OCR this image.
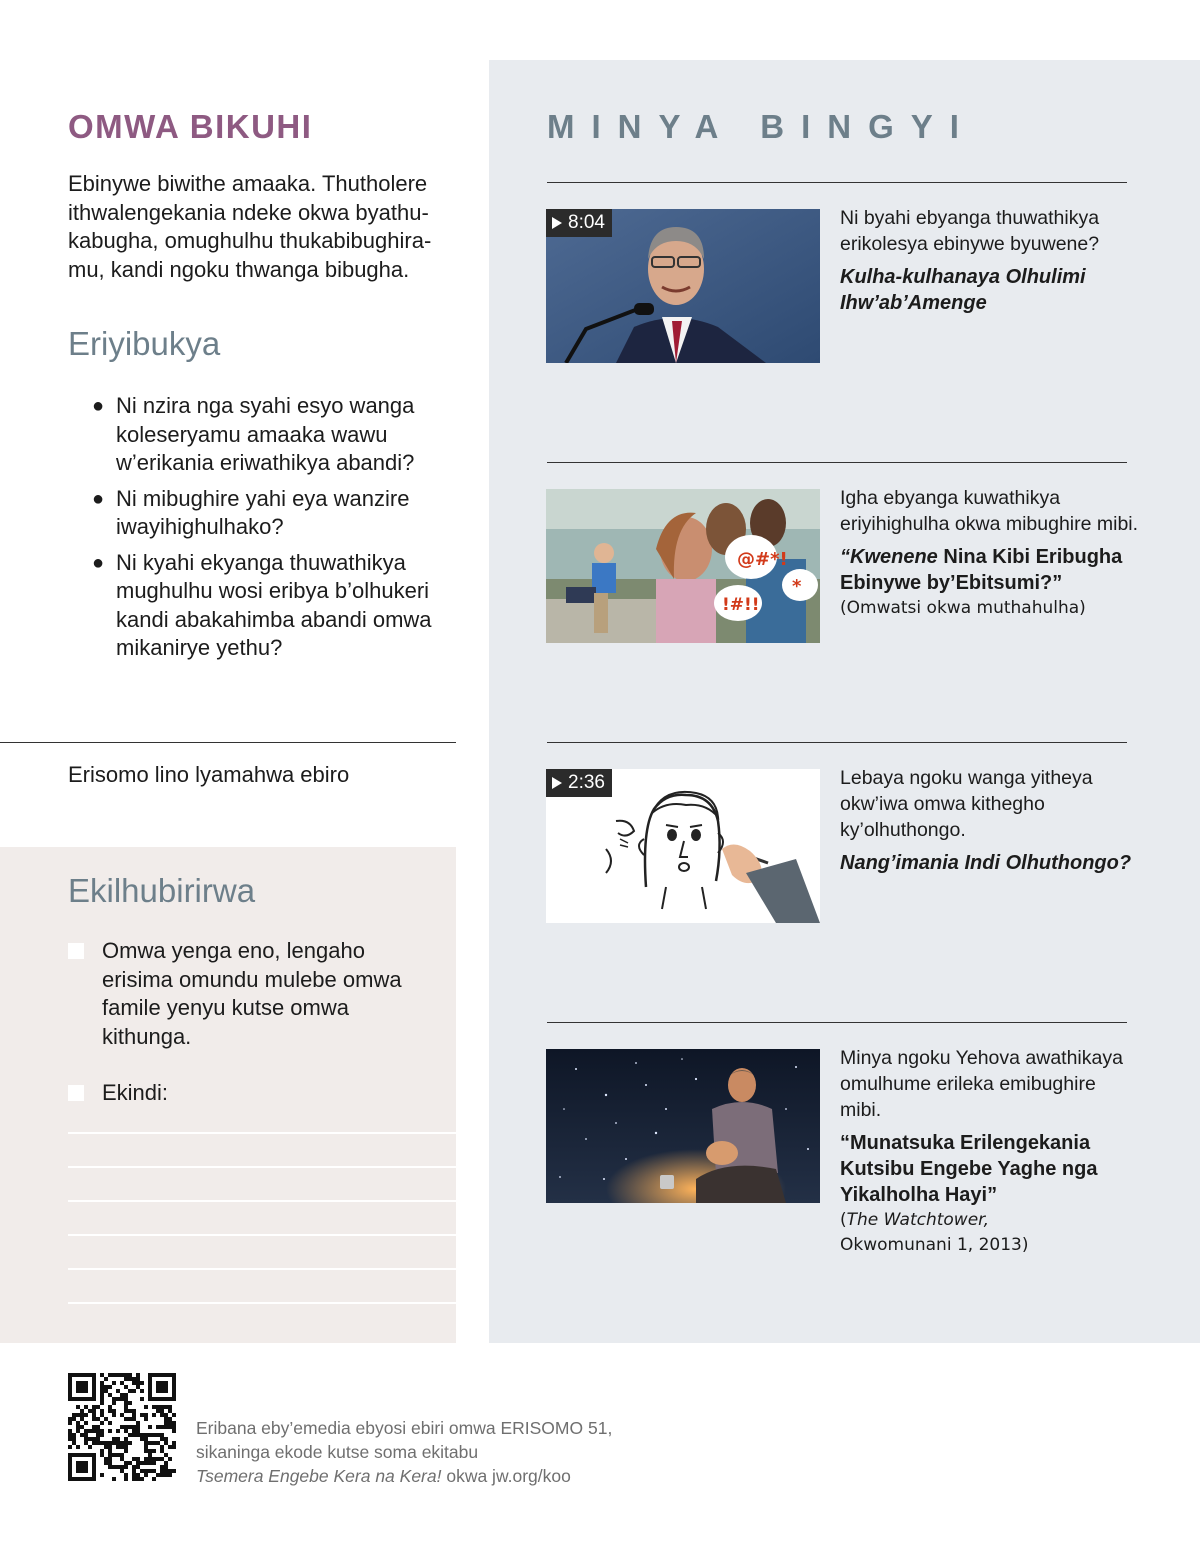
OMWA BIKUHI

Ebinywe biwithe amaaka. Thutholere ithwalengekania ndeke okwa byathu-kabugha, omughulhu thukabibughira-mu, kandi ngoku thwanga bibugha.

Eriyibukya
● Ni nzira nga syahi esyo wanga koleseryamu amaaka wawu w’erikania eriwathikya abandi?
● Ni mibughire yahi eya wanzire iwayihighulhako?
● Ni kyahi ekyanga thuwathikya mughulhu wosi eribya b’olhukeri kandi abakahimba abandi omwa mikaniryе yethu?
Erisomo lino lyamahwa ebiro
Ekilhubirirwa
Omwa yenga eno, lengaho erisima omundu mulebe omwa famile yenyu kutse omwa kithunga.
Ekindi:
MINYA BINGYI
8:04	Ni byahi ebyanga thuwathikya erikolesya ebinywe byuwene?
Kulha-kulhanaya Olhulimi Ihw’ab’Amenge
@#*!
!#!!
*
Igha ebyanga kuwathikya eriyihighulha okwa mibughire mibi.
“Kwenene Nina Kibi Eribugha Ebinywe by’Ebitsumi?”
(Omwatsi okwa muthahulha)
2:36	Lebaya ngoku wanga yitheya okw’iwa omwa kithegho ky’olhuthongo.
Nang’imania Indi Olhuthongo?
Minya ngoku Yehova awathikaya omulhume erileka emibughire mibi.
“Munatsuka Erilengekania Kutsibu Engebe Yaghe nga Yikalholha Hayi”
(The Watchtower,
Okwomunani 1, 2013)
Eribana eby’emedia ebyosi ebiri omwa ERISOMO 51,
sikaninga ekode kutse soma ekitabu
Tsemera Engebe Kera na Kera! okwa jw.org/koo
